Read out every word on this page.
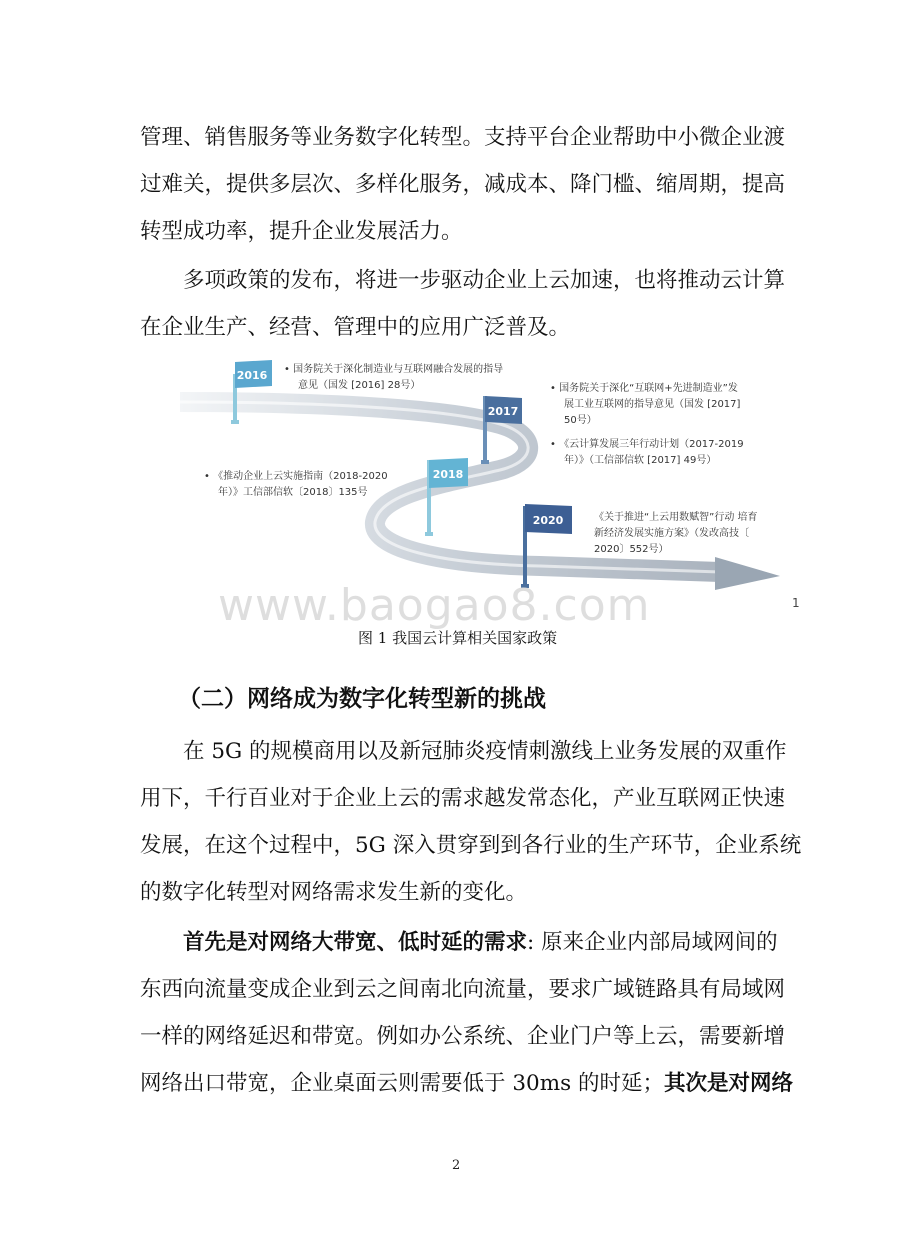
管理、销售服务等业务数字化转型。支持平台企业帮助中小微企业渡
过难关，提供多层次、多样化服务，减成本、降门槛、缩周期，提高
转型成功率，提升企业发展活力。
多项政策的发布，将进一步驱动企业上云加速，也将推动云计算
在企业生产、经营、管理中的应用广泛普及。
2016
2017
2018
2020
• 国务院关于深化制造业与互联网融合发展的指导
意见（国发 [2016] 28号）	• 国务院关于深化“互联网+先进制造业”发
展工业互联网的指导意见（国发 [2017]
50号）
• 《云计算发展三年行动计划（2017-2019
年）》（工信部信软 [2017] 49号）
• 《推动企业上云实施指南（2018-2020
年）》工信部信软〔2018〕135号
《关于推进“上云用数赋智”行动 培育
新经济发展实施方案》（发改高技〔
2020〕552号）
www.baogao8.com	1
图 1 我国云计算相关国家政策
（二）网络成为数字化转型新的挑战
在 5G 的规模商用以及新冠肺炎疫情刺激线上业务发展的双重作
用下，千行百业对于企业上云的需求越发常态化，产业互联网正快速
发展，在这个过程中，5G 深入贯穿到到各行业的生产环节，企业系统
的数字化转型对网络需求发生新的变化。
首先是对网络大带宽、低时延的需求: 原来企业内部局域网间的
东西向流量变成企业到云之间南北向流量，要求广域链路具有局域网
一样的网络延迟和带宽。例如办公系统、企业门户等上云，需要新增
网络出口带宽，企业桌面云则需要低于 30ms 的时延；其次是对网络
2
